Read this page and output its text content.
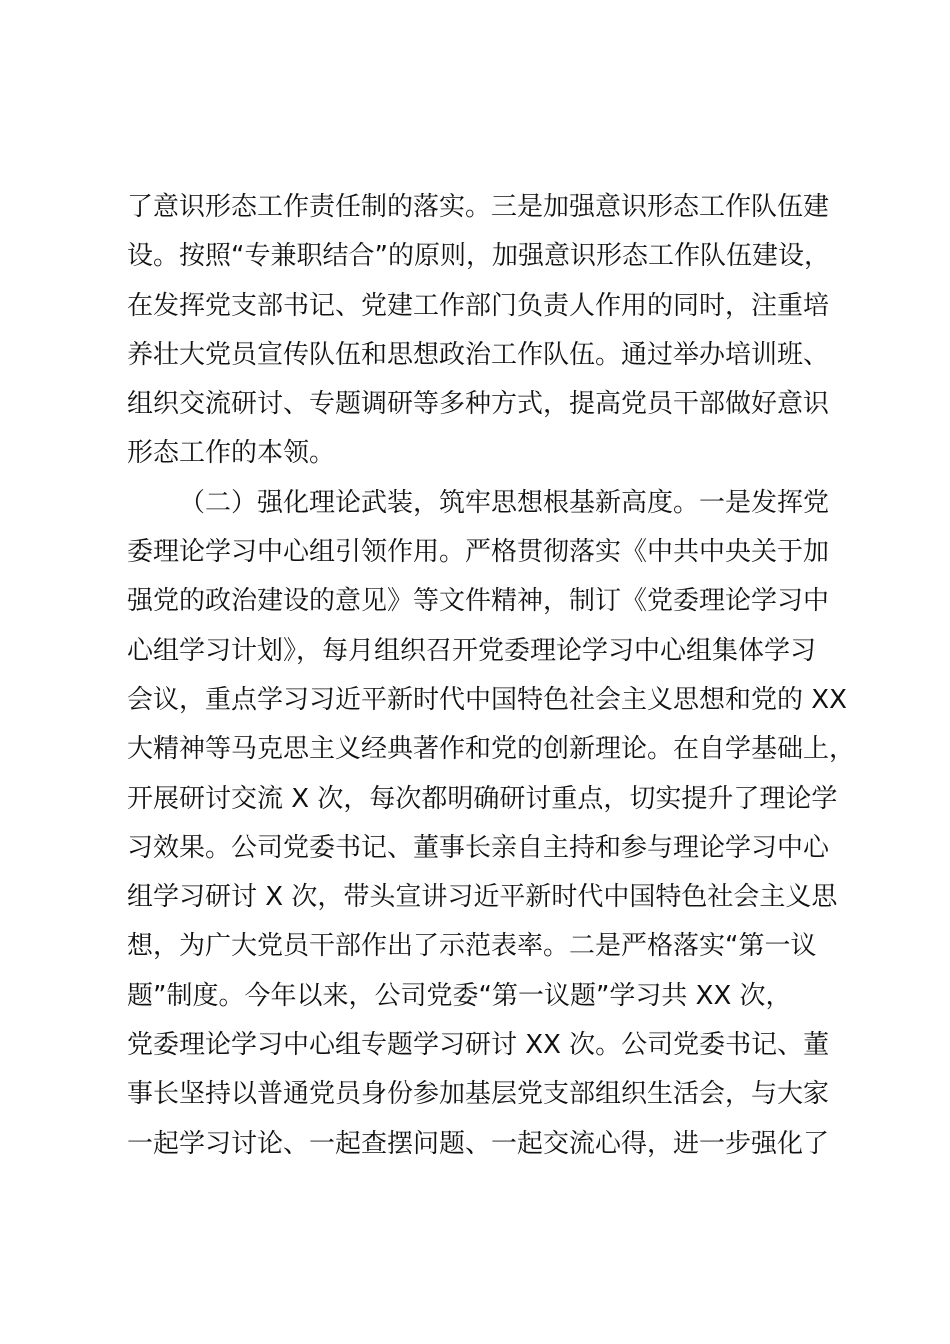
了意识形态工作责任制的落实。三是加强意识形态工作队伍建
设。按照“专兼职结合”的原则，加强意识形态工作队伍建设，
在发挥党支部书记、党建工作部门负责人作用的同时，注重培
养壮大党员宣传队伍和思想政治工作队伍。通过举办培训班、
组织交流研讨、专题调研等多种方式，提高党员干部做好意识
形态工作的本领。
（二）强化理论武装，筑牢思想根基新高度。一是发挥党
委理论学习中心组引领作用。严格贯彻落实《中共中央关于加
强党的政治建设的意见》等文件精神，制订《党委理论学习中
心组学习计划》，每月组织召开党委理论学习中心组集体学习
会议，重点学习习近平新时代中国特色社会主义思想和党的 XX
大精神等马克思主义经典著作和党的创新理论。在自学基础上，
开展研讨交流 X 次，每次都明确研讨重点，切实提升了理论学
习效果。公司党委书记、董事长亲自主持和参与理论学习中心
组学习研讨 X 次，带头宣讲习近平新时代中国特色社会主义思
想，为广大党员干部作出了示范表率。二是严格落实“第一议
题”制度。今年以来，公司党委“第一议题”学习共 XX 次，
党委理论学习中心组专题学习研讨 XX 次。公司党委书记、董
事长坚持以普通党员身份参加基层党支部组织生活会，与大家
一起学习讨论、一起查摆问题、一起交流心得，进一步强化了
